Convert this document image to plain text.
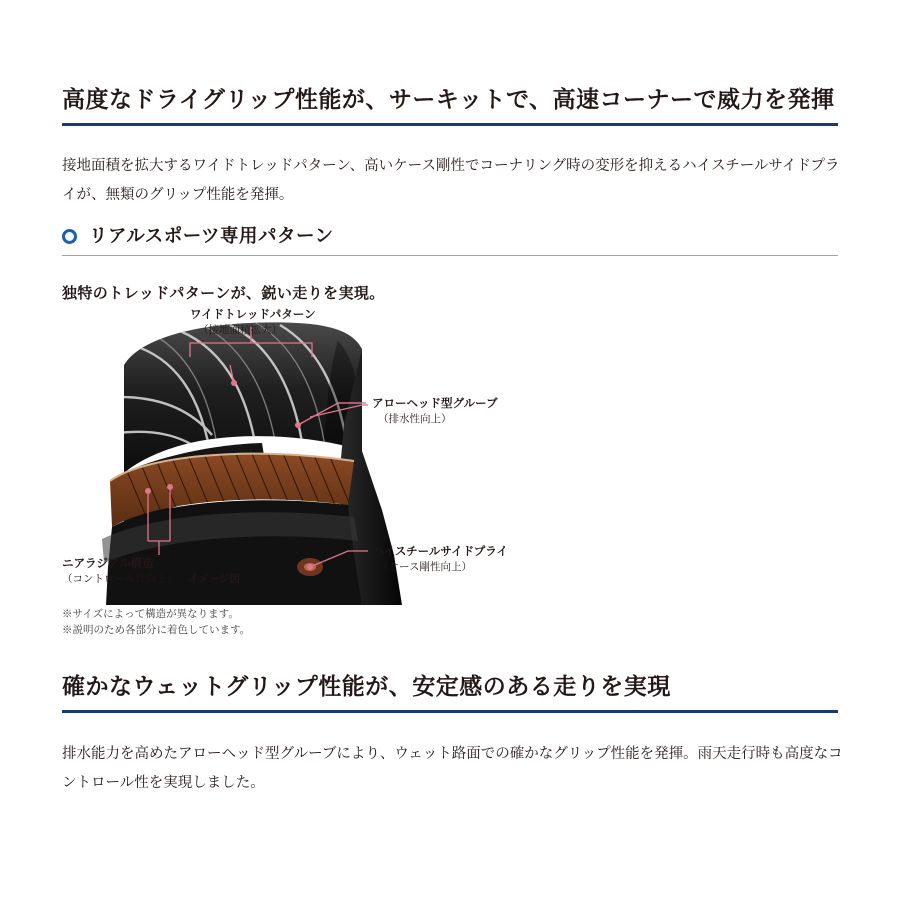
高度なドライグリップ性能が、サーキットで、高速コーナーで威力を発揮
接地面積を拡大するワイドトレッドパターン、高いケース剛性でコーナリング時の変形を抑えるハイスチールサイドプライが、無類のグリップ性能を発揮。
リアルスポーツ専用パターン
独特のトレッドパターンが、鋭い走りを実現。
ワイドトレッドパターン
（接地面積拡大）
アローヘッド型グルーブ
（排水性向上）
ハイスチールサイドプライ
（ケース剛性向上）
ニアラジアル構造
（コントロール性向上） イメージ図
※サイズによって構造が異なります。
※説明のため各部分に着色しています。
確かなウェットグリップ性能が、安定感のある走りを実現
排水能力を高めたアローヘッド型グルーブにより、ウェット路面での確かなグリップ性能を発揮。雨天走行時も高度なコントロール性を実現しました。
